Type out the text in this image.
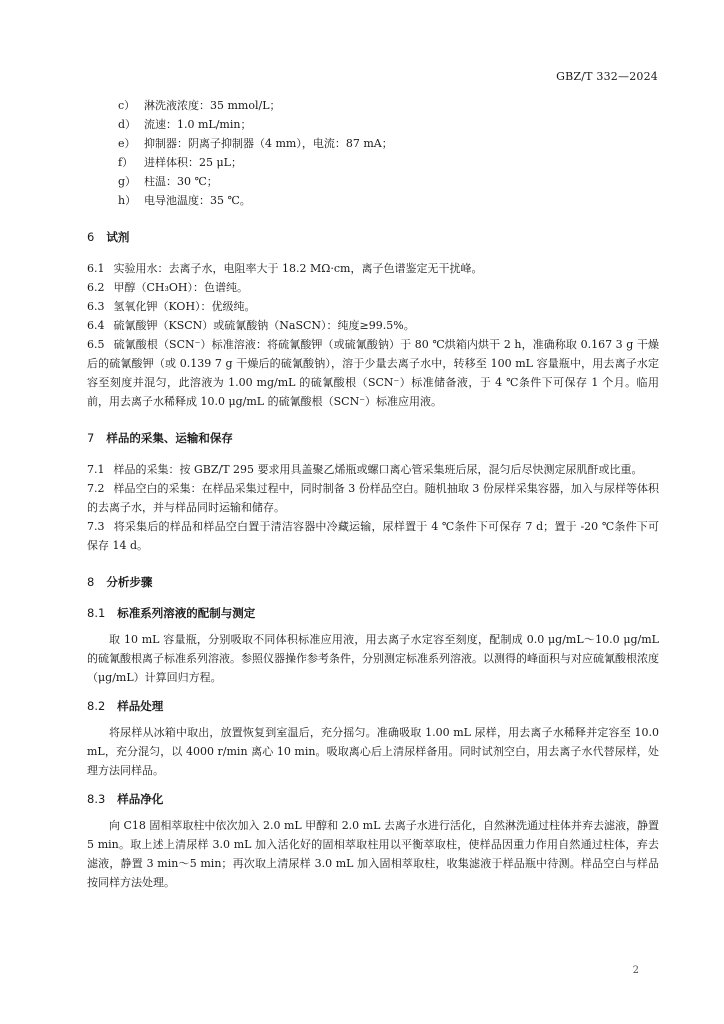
GBZ/T 332—2024
c） 淋洗液浓度：35 mmol/L；
d） 流速：1.0 mL/min；
e） 抑制器：阴离子抑制器（4 mm），电流：87 mA；
f） 进样体积：25 μL；
g） 柱温：30 ℃；
h） 电导池温度：35 ℃。
6 试剂
6.1 实验用水：去离子水，电阻率大于 18.2 MΩ·cm，离子色谱鉴定无干扰峰。
6.2 甲醇（CH₃OH）：色谱纯。
6.3 氢氧化钾（KOH）：优级纯。
6.4 硫氰酸钾（KSCN）或硫氰酸钠（NaSCN）：纯度≥99.5%。
6.5 硫氰酸根（SCN⁻）标准溶液：将硫氰酸钾（或硫氰酸钠）于 80 ℃烘箱内烘干 2 h，准确称取 0.167 3 g 干燥后的硫氰酸钾（或 0.139 7 g 干燥后的硫氰酸钠），溶于少量去离子水中，转移至 100 mL 容量瓶中，用去离子水定容至刻度并混匀，此溶液为 1.00 mg/mL 的硫氰酸根（SCN⁻）标准储备液，于 4 ℃条件下可保存 1 个月。临用前，用去离子水稀释成 10.0 μg/mL 的硫氰酸根（SCN⁻）标准应用液。
7 样品的采集、运输和保存
7.1 样品的采集：按 GBZ/T 295 要求用具盖聚乙烯瓶或螺口离心管采集班后尿，混匀后尽快测定尿肌酐或比重。
7.2 样品空白的采集：在样品采集过程中，同时制备 3 份样品空白。随机抽取 3 份尿样采集容器，加入与尿样等体积的去离子水，并与样品同时运输和储存。
7.3 将采集后的样品和样品空白置于清洁容器中冷藏运输，尿样置于 4 ℃条件下可保存 7 d；置于 -20 ℃条件下可保存 14 d。
8 分析步骤
8.1 标准系列溶液的配制与测定
取 10 mL 容量瓶，分别吸取不同体积标准应用液，用去离子水定容至刻度，配制成 0.0 μg/mL～10.0 μg/mL 的硫氰酸根离子标准系列溶液。参照仪器操作参考条件，分别测定标准系列溶液。以测得的峰面积与对应硫氰酸根浓度（μg/mL）计算回归方程。
8.2 样品处理
将尿样从冰箱中取出，放置恢复到室温后，充分摇匀。准确吸取 1.00 mL 尿样，用去离子水稀释并定容至 10.0 mL，充分混匀，以 4000 r/min 离心 10 min。吸取离心后上清尿样备用。同时试剂空白，用去离子水代替尿样，处理方法同样品。
8.3 样品净化
向 C18 固相萃取柱中依次加入 2.0 mL 甲醇和 2.0 mL 去离子水进行活化，自然淋洗通过柱体并弃去滤液，静置 5 min。取上述上清尿样 3.0 mL 加入活化好的固相萃取柱用以平衡萃取柱，使样品因重力作用自然通过柱体，弃去滤液，静置 3 min～5 min；再次取上清尿样 3.0 mL 加入固相萃取柱，收集滤液于样品瓶中待测。样品空白与样品按同样方法处理。
2
